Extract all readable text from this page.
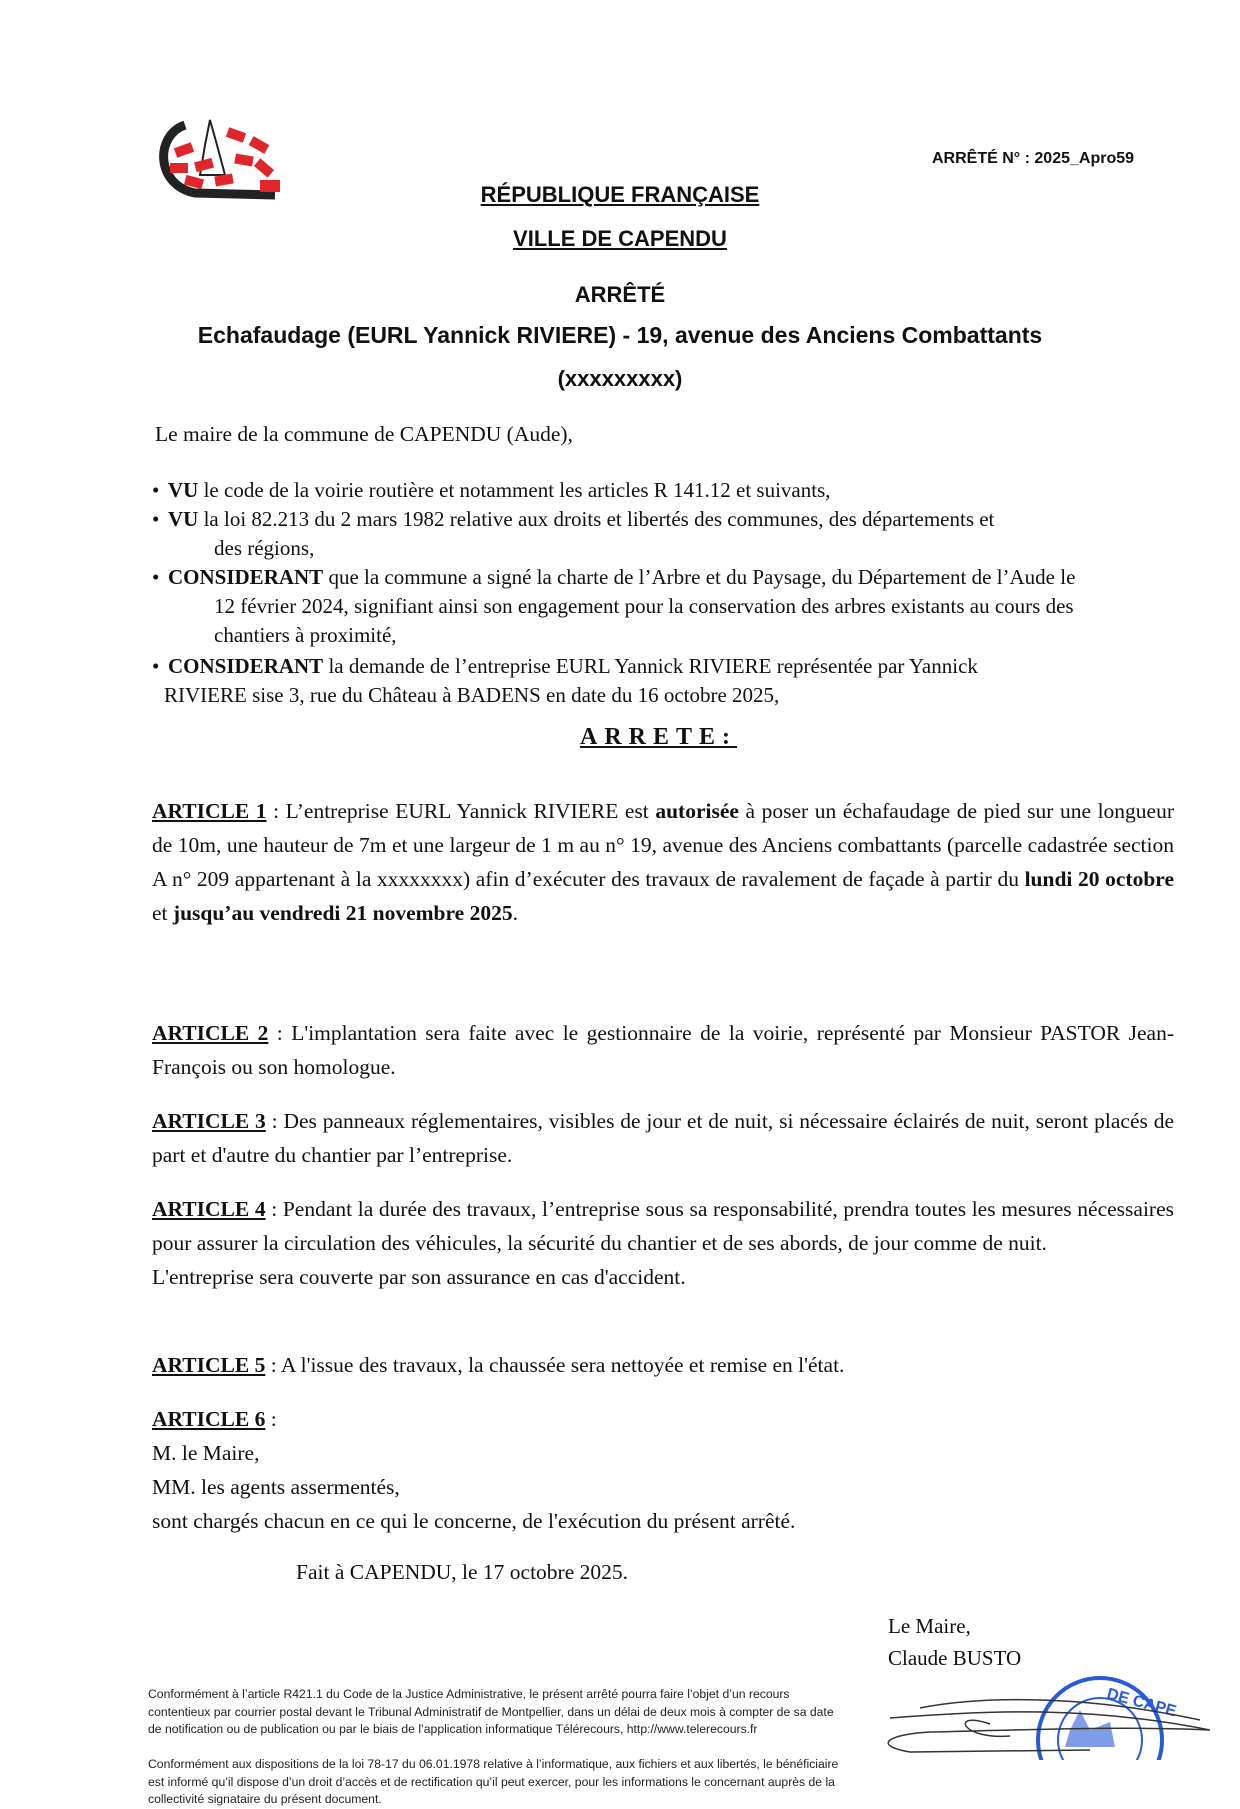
ARRÊTÉ N° : 2025_Apro59
RÉPUBLIQUE FRANÇAISE
VILLE DE CAPENDU
ARRÊTÉ
Echafaudage (EURL Yannick RIVIERE) - 19, avenue des Anciens Combattants
(xxxxxxxxx)
Le maire de la commune de CAPENDU (Aude),
• VU le code de la voirie routière et notamment les articles R 141.12 et suivants,
• VU la loi 82.213 du 2 mars 1982 relative aux droits et libertés des communes, des départements et
des régions,
• CONSIDERANT que la commune a signé la charte de l’Arbre et du Paysage, du Département de l’Aude le
12 février 2024, signifiant ainsi son engagement pour la conservation des arbres existants au cours des
chantiers à proximité,
• CONSIDERANT la demande de l’entreprise EURL Yannick RIVIERE représentée par Yannick
RIVIERE sise 3, rue du Château à BADENS en date du 16 octobre 2025,
ARRETE:
ARTICLE 1 : L’entreprise EURL Yannick RIVIERE est autorisée à poser un échafaudage de pied sur une longueur de 10m, une hauteur de 7m et une largeur de 1 m au n° 19, avenue des Anciens combattants (parcelle cadastrée section A n° 209 appartenant à la xxxxxxxx) afin d’exécuter des travaux de ravalement de façade à partir du lundi 20 octobre et jusqu’au vendredi 21 novembre 2025.
ARTICLE 2 : L'implantation sera faite avec le gestionnaire de la voirie, représenté par Monsieur PASTOR Jean-François ou son homologue.
ARTICLE 3 : Des panneaux réglementaires, visibles de jour et de nuit, si nécessaire éclairés de nuit, seront placés de part et d'autre du chantier par l’entreprise.
ARTICLE 4 : Pendant la durée des travaux, l’entreprise sous sa responsabilité, prendra toutes les mesures nécessaires pour assurer la circulation des véhicules, la sécurité du chantier et de ses abords, de jour comme de nuit.
L'entreprise sera couverte par son assurance en cas d'accident.
ARTICLE 5 : A l'issue des travaux, la chaussée sera nettoyée et remise en l'état.
ARTICLE 6 :
M. le Maire,
MM. les agents assermentés,
sont chargés chacun en ce qui le concerne, de l'exécution du présent arrêté.
Fait à CAPENDU, le 17 octobre 2025.
Le Maire,
Claude BUSTO
Conformément à l’article R421.1 du Code de la Justice Administrative, le présent arrêté pourra faire l’objet d’un recours contentieux par courrier postal devant le Tribunal Administratif de Montpellier, dans un délai de deux mois à compter de sa date de notification ou de publication ou par le biais de l’application informatique Télérecours, http://www.telerecours.fr
Conformément aux dispositions de la loi 78-17 du 06.01.1978 relative à l’informatique, aux fichiers et aux libertés, le bénéficiaire est informé qu’il dispose d’un droit d’accès et de rectification qu’il peut exercer, pour les informations le concernant auprès de la collectivité signataire du présent document.
DE CAPE
